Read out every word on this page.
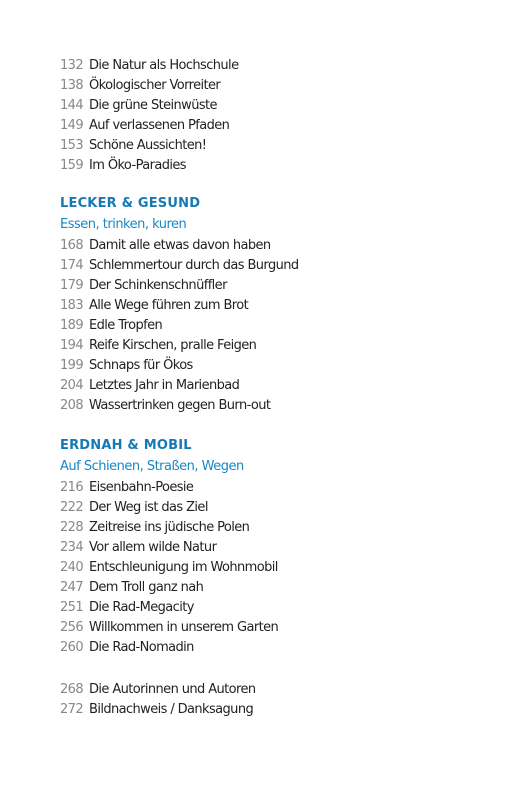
132 Die Natur als Hochschule
138 Ökologischer Vorreiter
144 Die grüne Steinwüste
149 Auf verlassenen Pfaden
153 Schöne Aussichten!
159 Im Öko-Paradies
LECKER & GESUND
Essen, trinken, kuren
168 Damit alle etwas davon haben
174 Schlemmertour durch das Burgund
179 Der Schinkenschnüffler
183 Alle Wege führen zum Brot
189 Edle Tropfen
194 Reife Kirschen, pralle Feigen
199 Schnaps für Ökos
204 Letztes Jahr in Marienbad
208 Wassertrinken gegen Burn-out
ERDNAH & MOBIL
Auf Schienen, Straßen, Wegen
216 Eisenbahn-Poesie
222 Der Weg ist das Ziel
228 Zeitreise ins jüdische Polen
234 Vor allem wilde Natur
240 Entschleunigung im Wohnmobil
247 Dem Troll ganz nah
251 Die Rad-Megacity
256 Willkommen in unserem Garten
260 Die Rad-Nomadin
268 Die Autorinnen und Autoren
272 Bildnachweis / Danksagung
